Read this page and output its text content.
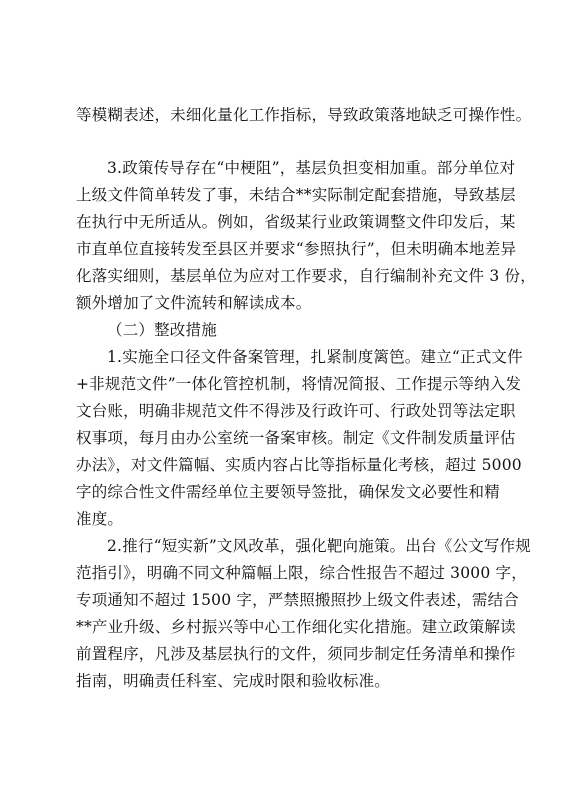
等模糊表述，未细化量化工作指标，导致政策落地缺乏可操作性。
3.政策传导存在“中梗阻”，基层负担变相加重。部分单位对
上级文件简单转发了事，未结合**实际制定配套措施，导致基层
在执行中无所适从。例如，省级某行业政策调整文件印发后，某
市直单位直接转发至县区并要求“参照执行”，但未明确本地差异
化落实细则，基层单位为应对工作要求，自行编制补充文件 3 份，
额外增加了文件流转和解读成本。
（二）整改措施
1.实施全口径文件备案管理，扎紧制度篱笆。建立“正式文件
+非规范文件”一体化管控机制，将情况简报、工作提示等纳入发
文台账，明确非规范文件不得涉及行政许可、行政处罚等法定职
权事项，每月由办公室统一备案审核。制定《文件制发质量评估
办法》，对文件篇幅、实质内容占比等指标量化考核，超过 5000
字的综合性文件需经单位主要领导签批，确保发文必要性和精
准度。
2.推行“短实新”文风改革，强化靶向施策。出台《公文写作规
范指引》，明确不同文种篇幅上限，综合性报告不超过 3000 字，
专项通知不超过 1500 字，严禁照搬照抄上级文件表述，需结合
**产业升级、乡村振兴等中心工作细化实化措施。建立政策解读
前置程序，凡涉及基层执行的文件，须同步制定任务清单和操作
指南，明确责任科室、完成时限和验收标准。
